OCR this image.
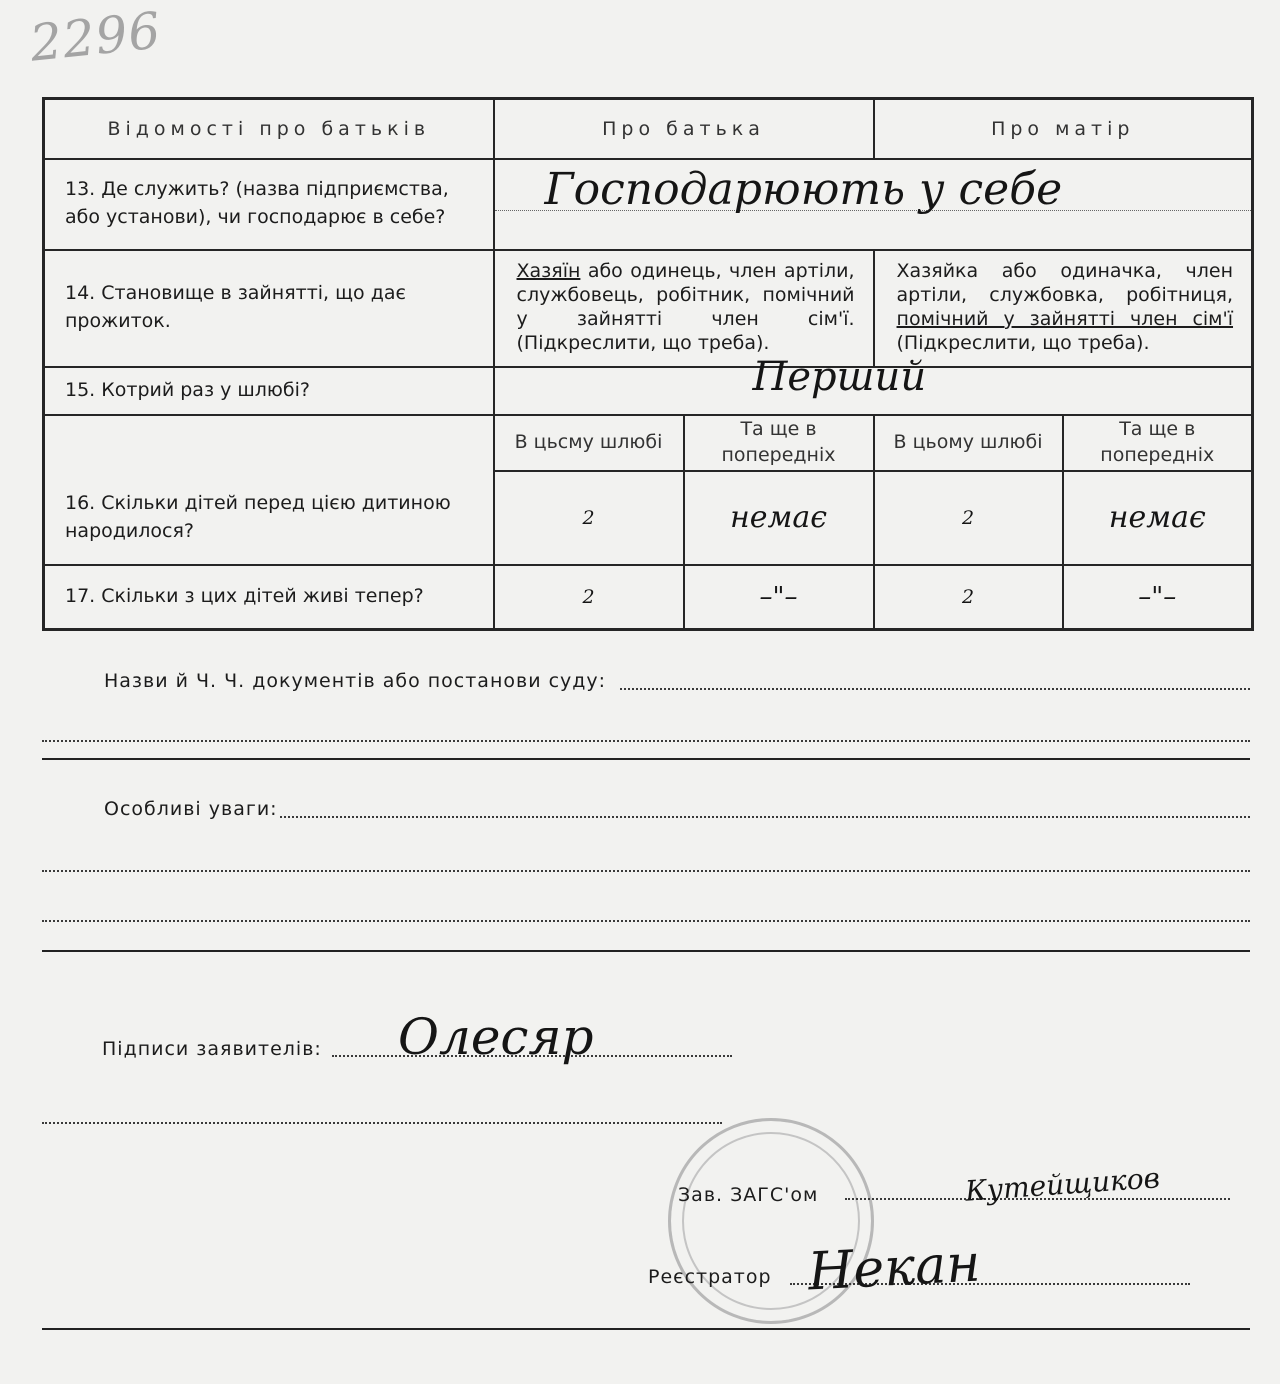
2296
Відомості про батьків	Про батька		Про матір	
13. Де служить? (назва підприємства, або установи), чи господарює в себе?	Господарюють у себе			

14. Становище в зайнятті, що дає прожиток.	Хазяїн або одинець, член артіли, службовець, робітник, помічний у зайнятті член сім'ї. (Підкреслити, що треба).		Хазяйка або одиначка, член артіли, службовка, робітниця, помічний у зайнятті член сім'ї (Підкреслити, що треба).	
15. Котрий раз у шлюбі?	Перший			

16. Скільки дітей перед цією дитиною народилося?	В цьсму шлюбі	Та ще в попередніх	В цьому шлюбі	Та ще в попередніх
	2	немає	2	немає
17. Скільки з цих дітей живі тепер?	2	–"–	2	–"–
Назви й Ч. Ч. документів або постанови суду:
Особливі уваги:
Підписи заявителів: Олесяр
Зав. ЗАГС'ом	Кутейщиков
Реєстратор Некан
